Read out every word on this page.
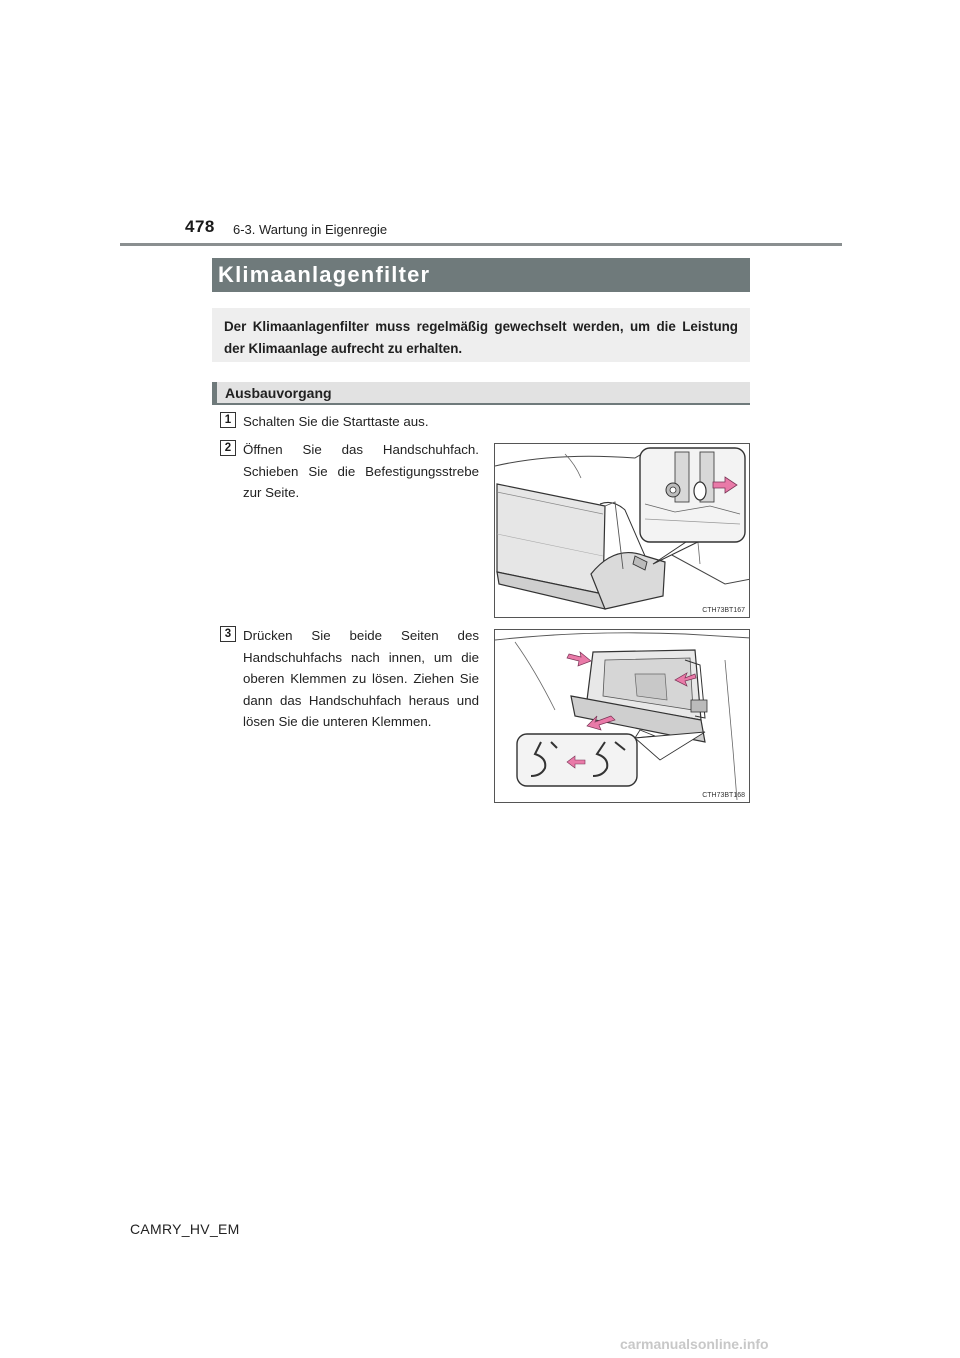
478 6-3. Wartung in Eigenregie
Klimaanlagenfilter

Der Klimaanlagenfilter muss regelmäßig gewechselt werden, um die Leistung der Klimaanlage aufrecht zu erhalten.

Ausbauvorgang
1 Schalten Sie die Starttaste aus.
2 Öffnen Sie das Handschuhfach. Schieben Sie die Befestigungsstrebe zur Seite.
CTH73BT167
3 Drücken Sie beide Seiten des Handschuhfachs nach innen, um die oberen Klemmen zu lösen. Ziehen Sie dann das Handschuhfach heraus und lösen Sie die unteren Klemmen.
CTH73BT168
CAMRY_HV_EM
carmanualsonline.info
